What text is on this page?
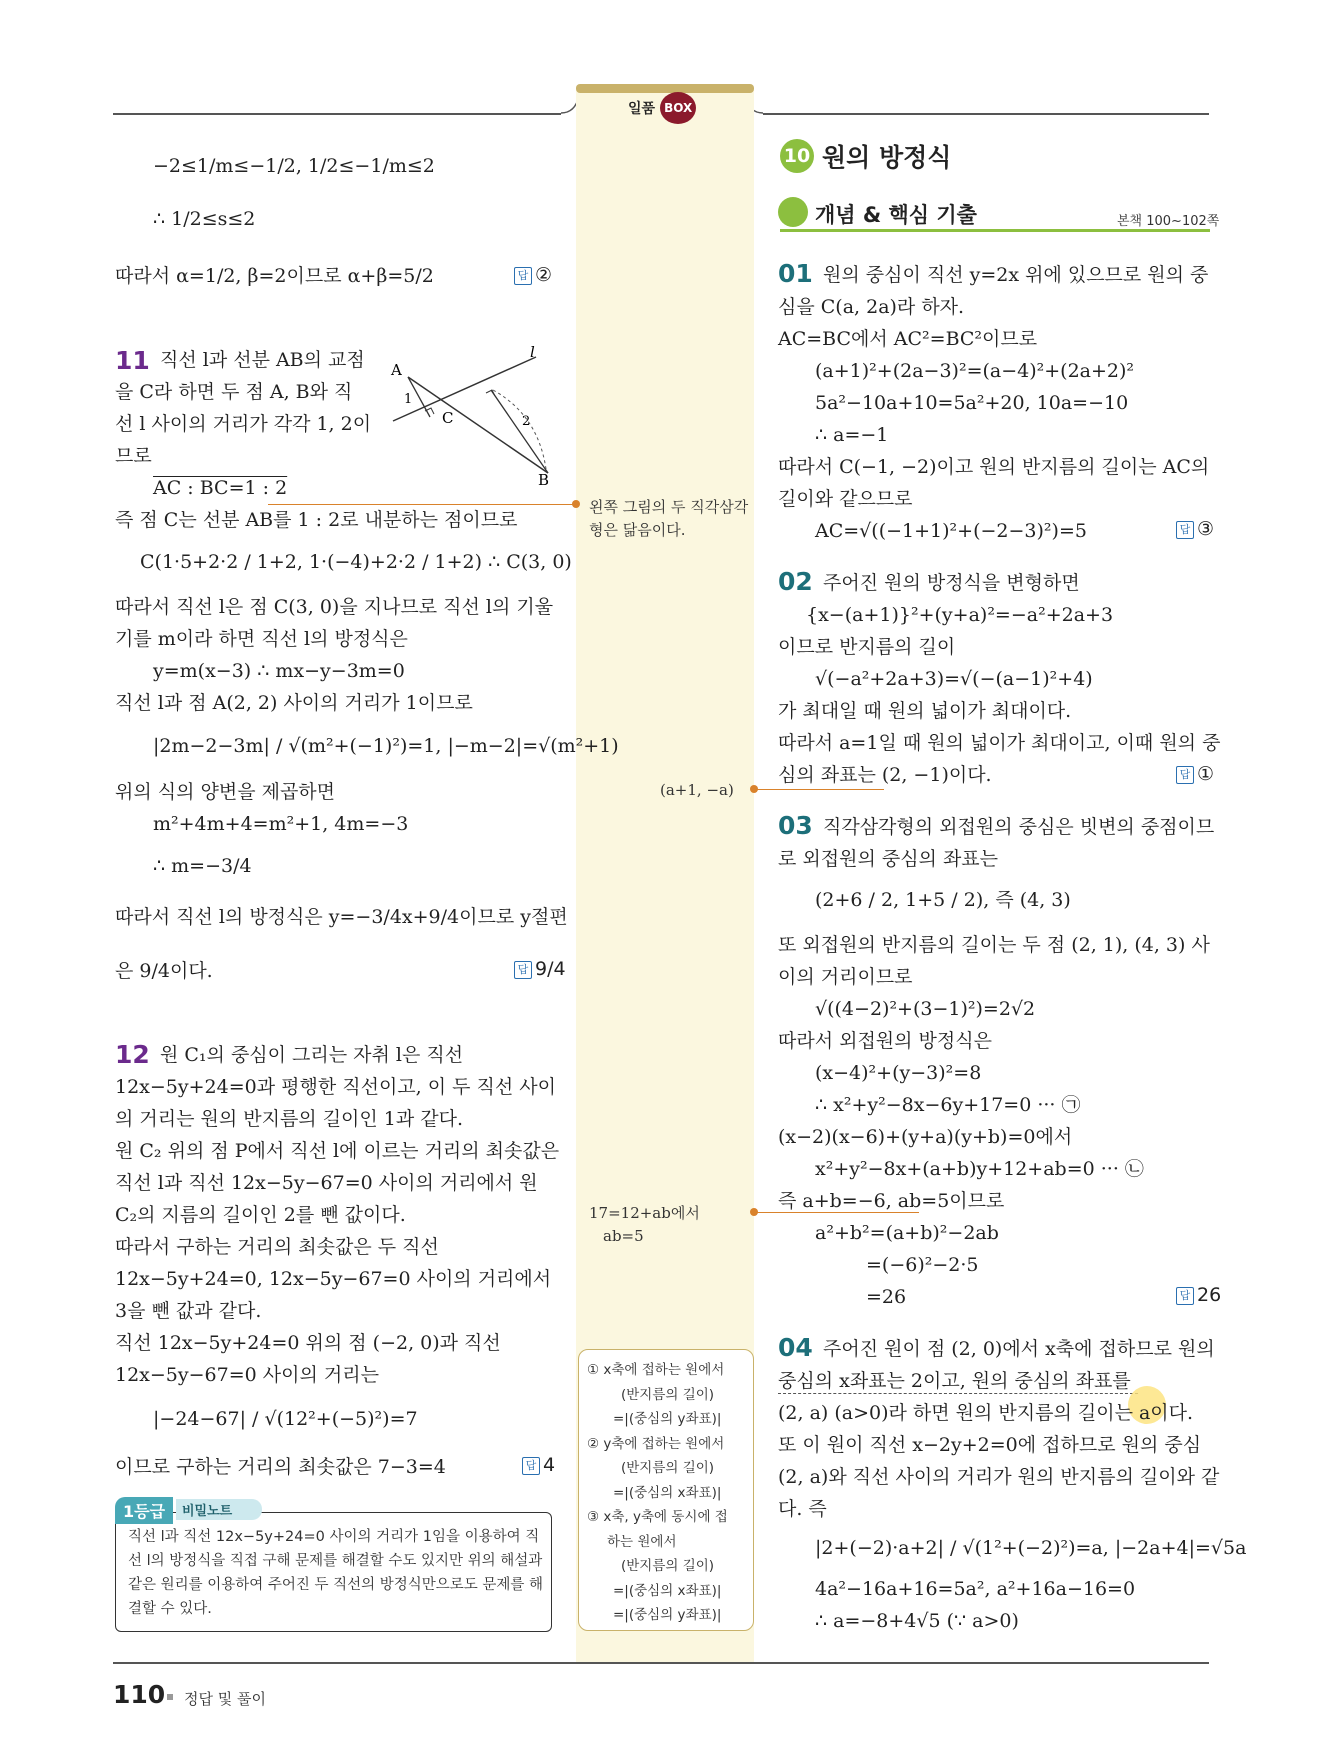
일품 BOX
왼쪽 그림의 두 직각삼각
형은 닮음이다.
(a+1, −a)
17=12+ab에서
ab=5
① x축에 접하는 원에서
(반지름의 길이)
=|(중심의 y좌표)|
② y축에 접하는 원에서
(반지름의 길이)
=|(중심의 x좌표)|
③ x축, y축에 동시에 접
하는 원에서
(반지름의 길이)
=|(중심의 x좌표)|
=|(중심의 y좌표)|
−2≤1/m≤−1/2, 1/2≤−1/m≤2
∴ 1/2≤s≤2
따라서 α=1/2, β=2이므로 α+β=5/2	답 ②
11 직선 l과 선분 AB의 교점
을 C라 하면 두 점 A, B와 직
선 l 사이의 거리가 각각 1, 2이
므로
AC : BC=1 : 2
즉 점 C는 선분 AB를 1 : 2로 내분하는 점이므로
C(1·5+2·2 / 1+2, 1·(−4)+2·2 / 1+2) ∴ C(3, 0)
따라서 직선 l은 점 C(3, 0)을 지나므로 직선 l의 기울
기를 m이라 하면 직선 l의 방정식은
y=m(x−3) ∴ mx−y−3m=0
직선 l과 점 A(2, 2) 사이의 거리가 1이므로
|2m−2−3m| / √(m²+(−1)²)=1, |−m−2|=√(m²+1)
위의 식의 양변을 제곱하면
m²+4m+4=m²+1, 4m=−3
∴ m=−3/4
따라서 직선 l의 방정식은 y=−3/4x+9/4이므로 y절편
은 9/4이다.	답 9/4
A
B
C
l
1
2
12 원 C₁의 중심이 그리는 자취 l은 직선
12x−5y+24=0과 평행한 직선이고, 이 두 직선 사이
의 거리는 원의 반지름의 길이인 1과 같다.
원 C₂ 위의 점 P에서 직선 l에 이르는 거리의 최솟값은
직선 l과 직선 12x−5y−67=0 사이의 거리에서 원
C₂의 지름의 길이인 2를 뺀 값이다.
따라서 구하는 거리의 최솟값은 두 직선
12x−5y+24=0, 12x−5y−67=0 사이의 거리에서
3을 뺀 값과 같다.
직선 12x−5y+24=0 위의 점 (−2, 0)과 직선
12x−5y−67=0 사이의 거리는
|−24−67| / √(12²+(−5)²)=7
이므로 구하는 거리의 최솟값은 7−3=4	답 4
1등급	비밀노트
직선 l과 직선 12x−5y+24=0 사이의 거리가 1임을 이용하여 직
선 l의 방정식을 직접 구해 문제를 해결할 수도 있지만 위의 해설과
같은 원리를 이용하여 주어진 두 직선의 방정식만으로도 문제를 해
결할 수 있다.
10 원의 방정식
개념 & 핵심 기출	본책 100~102쪽
01 원의 중심이 직선 y=2x 위에 있으므로 원의 중
심을 C(a, 2a)라 하자.
AC=BC에서 AC²=BC²이므로
(a+1)²+(2a−3)²=(a−4)²+(2a+2)²
5a²−10a+10=5a²+20, 10a=−10
∴ a=−1
따라서 C(−1, −2)이고 원의 반지름의 길이는 AC의
길이와 같으므로
AC=√((−1+1)²+(−2−3)²)=5	답 ③
02 주어진 원의 방정식을 변형하면
{x−(a+1)}²+(y+a)²=−a²+2a+3
이므로 반지름의 길이
√(−a²+2a+3)=√(−(a−1)²+4)
가 최대일 때 원의 넓이가 최대이다.
따라서 a=1일 때 원의 넓이가 최대이고, 이때 원의 중
심의 좌표는 (2, −1)이다.	답 ①
03 직각삼각형의 외접원의 중심은 빗변의 중점이므
로 외접원의 중심의 좌표는
(2+6 / 2, 1+5 / 2), 즉 (4, 3)
또 외접원의 반지름의 길이는 두 점 (2, 1), (4, 3) 사
이의 거리이므로
√((4−2)²+(3−1)²)=2√2
따라서 외접원의 방정식은
(x−4)²+(y−3)²=8
∴ x²+y²−8x−6y+17=0 ··· ㉠
(x−2)(x−6)+(y+a)(y+b)=0에서
x²+y²−8x+(a+b)y+12+ab=0 ··· ㉡
즉 a+b=−6, ab=5이므로
a²+b²=(a+b)²−2ab
=(−6)²−2·5
=26	답 26
04 주어진 원이 점 (2, 0)에서 x축에 접하므로 원의
중심의 x좌표는 2이고, 원의 중심의 좌표를
(2, a) (a>0)라 하면 원의 반지름의 길이는 a이다.
또 이 원이 직선 x−2y+2=0에 접하므로 원의 중심
(2, a)와 직선 사이의 거리가 원의 반지름의 길이와 같
다. 즉
|2+(−2)·a+2| / √(1²+(−2)²)=a, |−2a+4|=√5a
4a²−16a+16=5a², a²+16a−16=0
∴ a=−8+4√5 (∵ a>0)
110 정답 및 풀이
